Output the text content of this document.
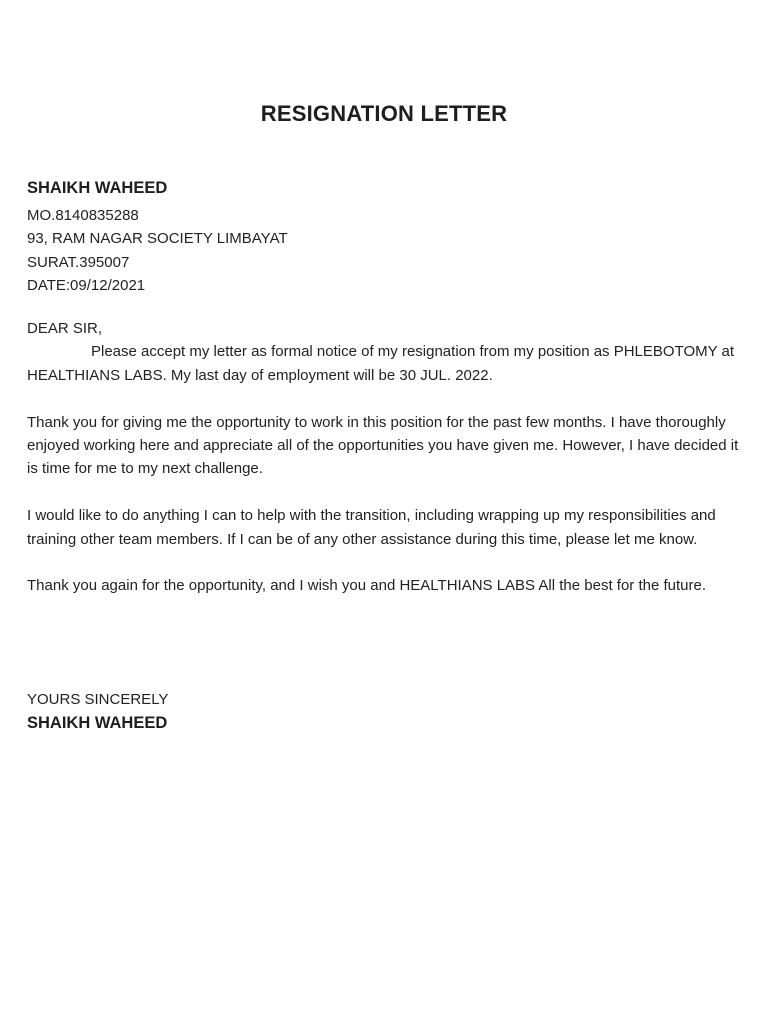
RESIGNATION LETTER
SHAIKH WAHEED
MO.8140835288
93, RAM NAGAR SOCIETY LIMBAYAT
SURAT.395007
DATE:09/12/2021
DEAR SIR,

Please accept my letter as formal notice of my resignation from my position as PHLEBOTOMY at HEALTHIANS LABS. My last day of employment will be 30 JUL. 2022.

Thank you for giving me the opportunity to work in this position for the past few months. I have thoroughly enjoyed working here and appreciate all of the opportunities you have given me. However, I have decided it is time for me to my next challenge.

I would like to do anything I can to help with the transition, including wrapping up my responsibilities and training other team members. If I can be of any other assistance during this time, please let me know.

Thank you again for the opportunity, and I wish you and HEALTHIANS LABS All the best for the future.

YOURS SINCERELY
SHAIKH WAHEED
